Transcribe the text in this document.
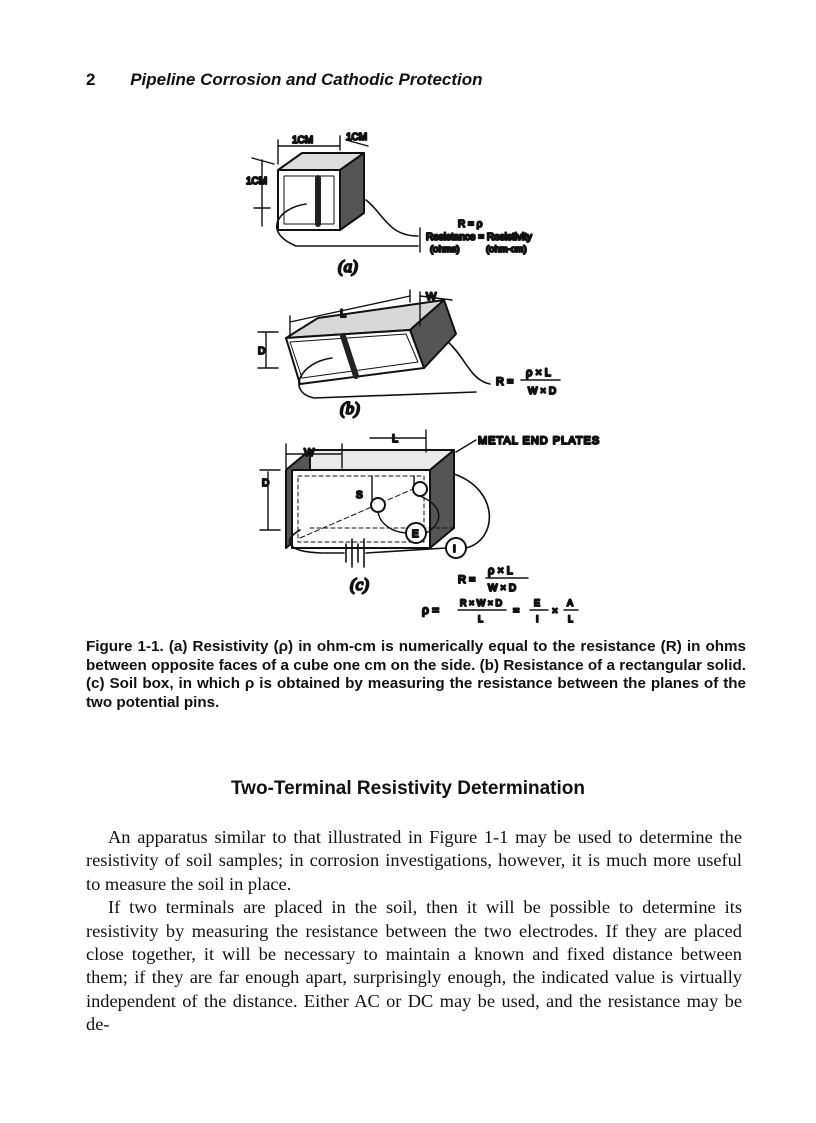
2 Pipeline Corrosion and Cathodic Protection
1CM	1CM
1CM
R = ρ
Resistance = Resistivity
(ohms)	(ohm-cm)
(a)
L
W
D
R =
ρ × L
W × D
(b)
W
L
D
METAL END PLATES
S
E
I
R =
ρ × L
W × D
(c)
ρ = R × W × D
L
=
E
I
×
A
L
Figure 1-1. (a) Resistivity (ρ) in ohm-cm is numerically equal to the resistance (R) in ohms between opposite faces of a cube one cm on the side. (b) Resistance of a rectangular solid. (c) Soil box, in which ρ is obtained by measuring the resistance between the planes of the two potential pins.
Two-Terminal Resistivity Determination

An apparatus similar to that illustrated in Figure 1-1 may be used to determine the resistivity of soil samples; in corrosion investigations, however, it is much more useful to measure the soil in place.

If two terminals are placed in the soil, then it will be possible to determine its resistivity by measuring the resistance between the two electrodes. If they are placed close together, it will be necessary to maintain a known and fixed distance between them; if they are far enough apart, surprisingly enough, the indicated value is virtually independent of the distance. Either AC or DC may be used, and the resistance may be de-
